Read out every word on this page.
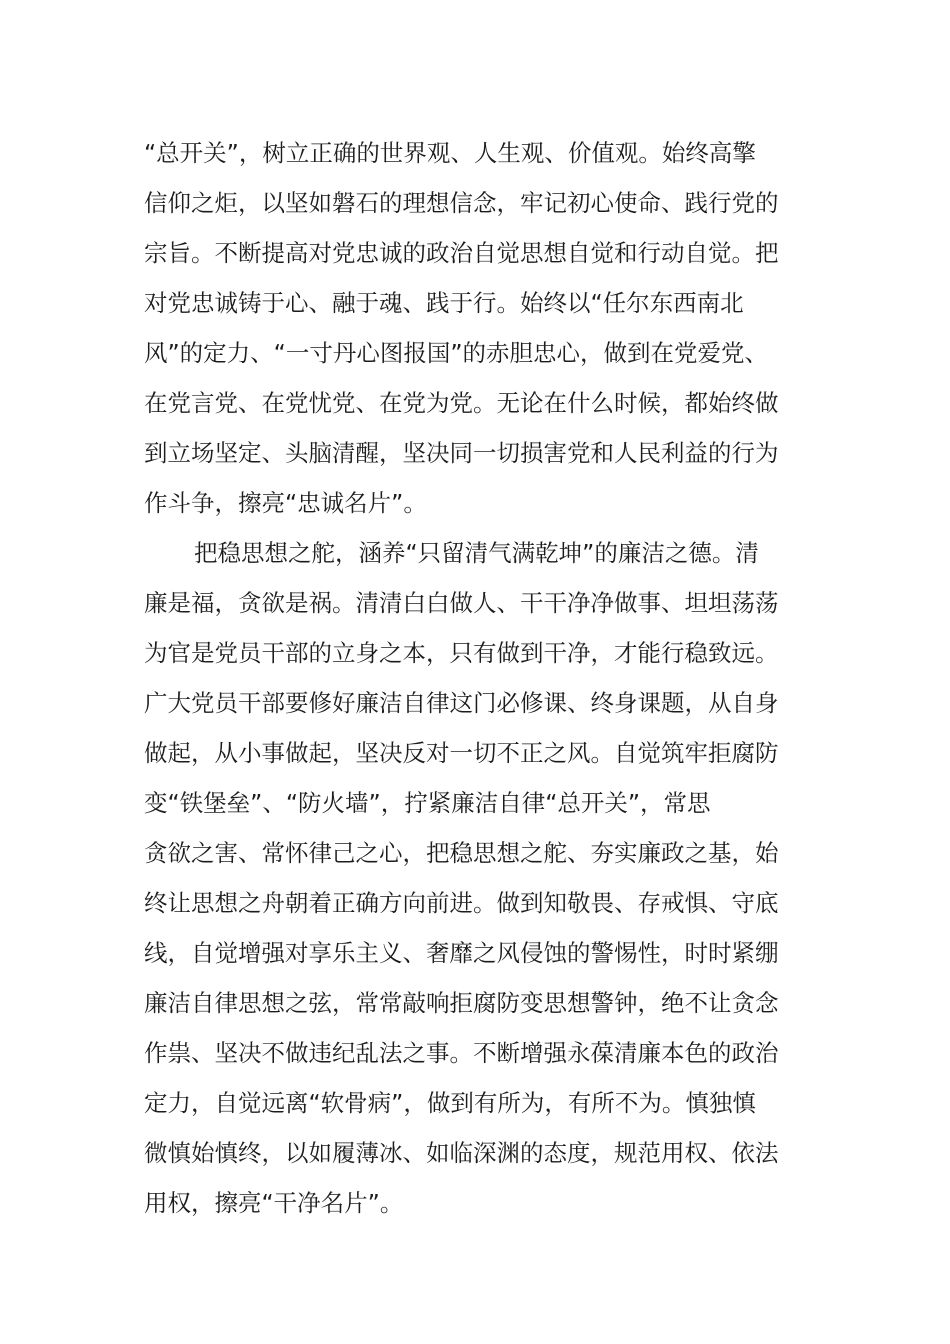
“总开关”，树立正确的世界观、人生观、价值观。始终高擎
信仰之炬，以坚如磐石的理想信念，牢记初心使命、践行党的
宗旨。不断提高对党忠诚的政治自觉思想自觉和行动自觉。把
对党忠诚铸于心、融于魂、践于行。始终以“任尔东西南北
风”的定力、“一寸丹心图报国”的赤胆忠心，做到在党爱党、
在党言党、在党忧党、在党为党。无论在什么时候，都始终做
到立场坚定、头脑清醒，坚决同一切损害党和人民利益的行为
作斗争，擦亮“忠诚名片”。
把稳思想之舵，涵养“只留清气满乾坤”的廉洁之德。清
廉是福，贪欲是祸。清清白白做人、干干净净做事、坦坦荡荡
为官是党员干部的立身之本，只有做到干净，才能行稳致远。
广大党员干部要修好廉洁自律这门必修课、终身课题，从自身
做起，从小事做起，坚决反对一切不正之风。自觉筑牢拒腐防
变“铁堡垒”、“防火墙”，拧紧廉洁自律“总开关”，常思
贪欲之害、常怀律己之心，把稳思想之舵、夯实廉政之基，始
终让思想之舟朝着正确方向前进。做到知敬畏、存戒惧、守底
线，自觉增强对享乐主义、奢靡之风侵蚀的警惕性，时时紧绷
廉洁自律思想之弦，常常敲响拒腐防变思想警钟，绝不让贪念
作祟、坚决不做违纪乱法之事。不断增强永葆清廉本色的政治
定力，自觉远离“软骨病”，做到有所为，有所不为。慎独慎
微慎始慎终，以如履薄冰、如临深渊的态度，规范用权、依法
用权，擦亮“干净名片”。
